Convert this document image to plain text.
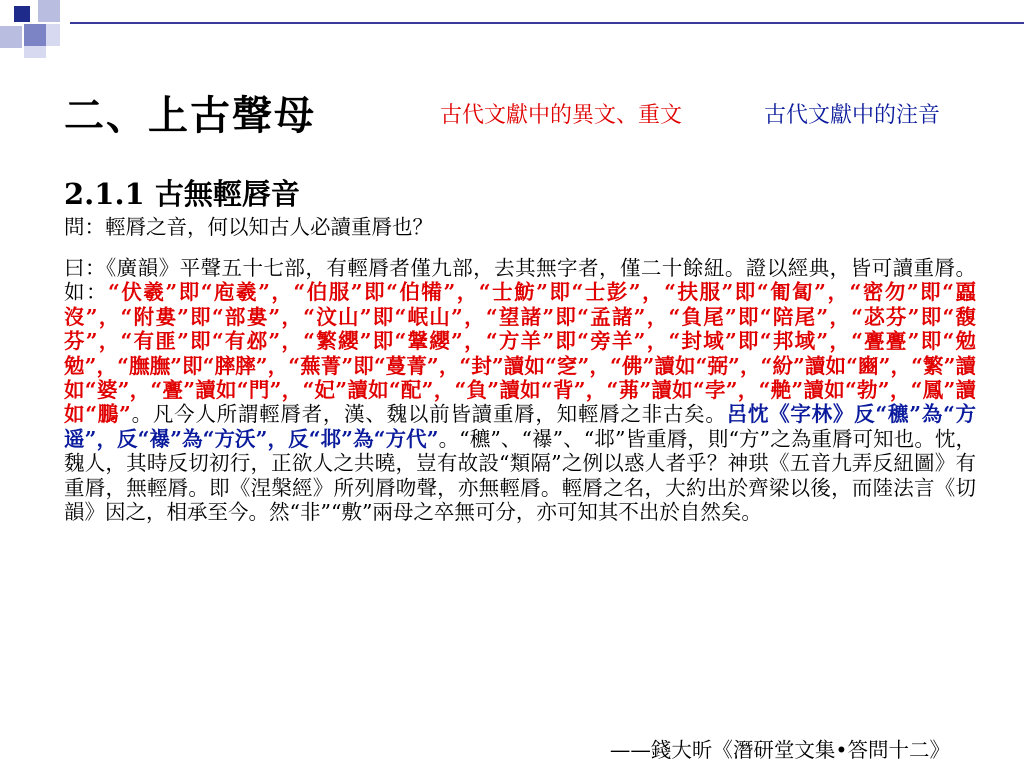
二、上古聲母	古代文獻中的異文、重文	古代文獻中的注音
2.1.1 古無輕唇音
問：輕脣之音，何以知古人必讀重脣也？
曰：《廣韻》平聲五十七部，有輕脣者僅九部，去其無字者，僅二十餘紐。證以經典，皆可讀重脣。如：“伏羲”即“庖羲”，“伯服”即“伯犕”，“士魴”即“士彭”，“扶服”即“匍匐”，“密勿”即“蠠沒”，“附婁”即“部婁”，“汶山”即“岷山”，“望諸”即“孟諸”，“負尾”即“陪尾”，“苾芬”即“馥芬”，“有匪”即“有邲”，“繁纓”即“鞶纓”，“方羊”即“旁羊”，“封域”即“邦域”，“亹亹”即“勉勉”，“膴膴”即“膟膟”，“蕪菁”即“蔓菁”，“封”讀如“窆”，“佛”讀如“弼”，“紛”讀如“豳”，“繁”讀如“婆”，“亹”讀如“門”，“妃”讀如“配”，“負”讀如“背”，“茀”讀如“孛”，“艴”讀如“勃”，“鳳”讀如“鵬”。凡今人所謂輕脣者，漢、魏以前皆讀重脣，知輕脣之非古矣。呂忱《字林》反“穮”為“方遥”，反“襮”為“方沃”，反“邶”為“方代”。“穮”、“襮”、“邶”皆重脣，則“方”之為重脣可知也。忱，魏人，其時反切初行，正欲人之共曉，豈有故設“類隔”之例以惑人者乎？神珙《五音九弄反紐圖》有重脣，無輕脣。即《涅槃經》所列脣吻聲，亦無輕脣。輕脣之名，大約出於齊梁以後，而陸法言《切韻》因之，相承至今。然“非”“敷”兩母之卒無可分，亦可知其不出於自然矣。
——錢大昕《潛研堂文集•答問十二》
